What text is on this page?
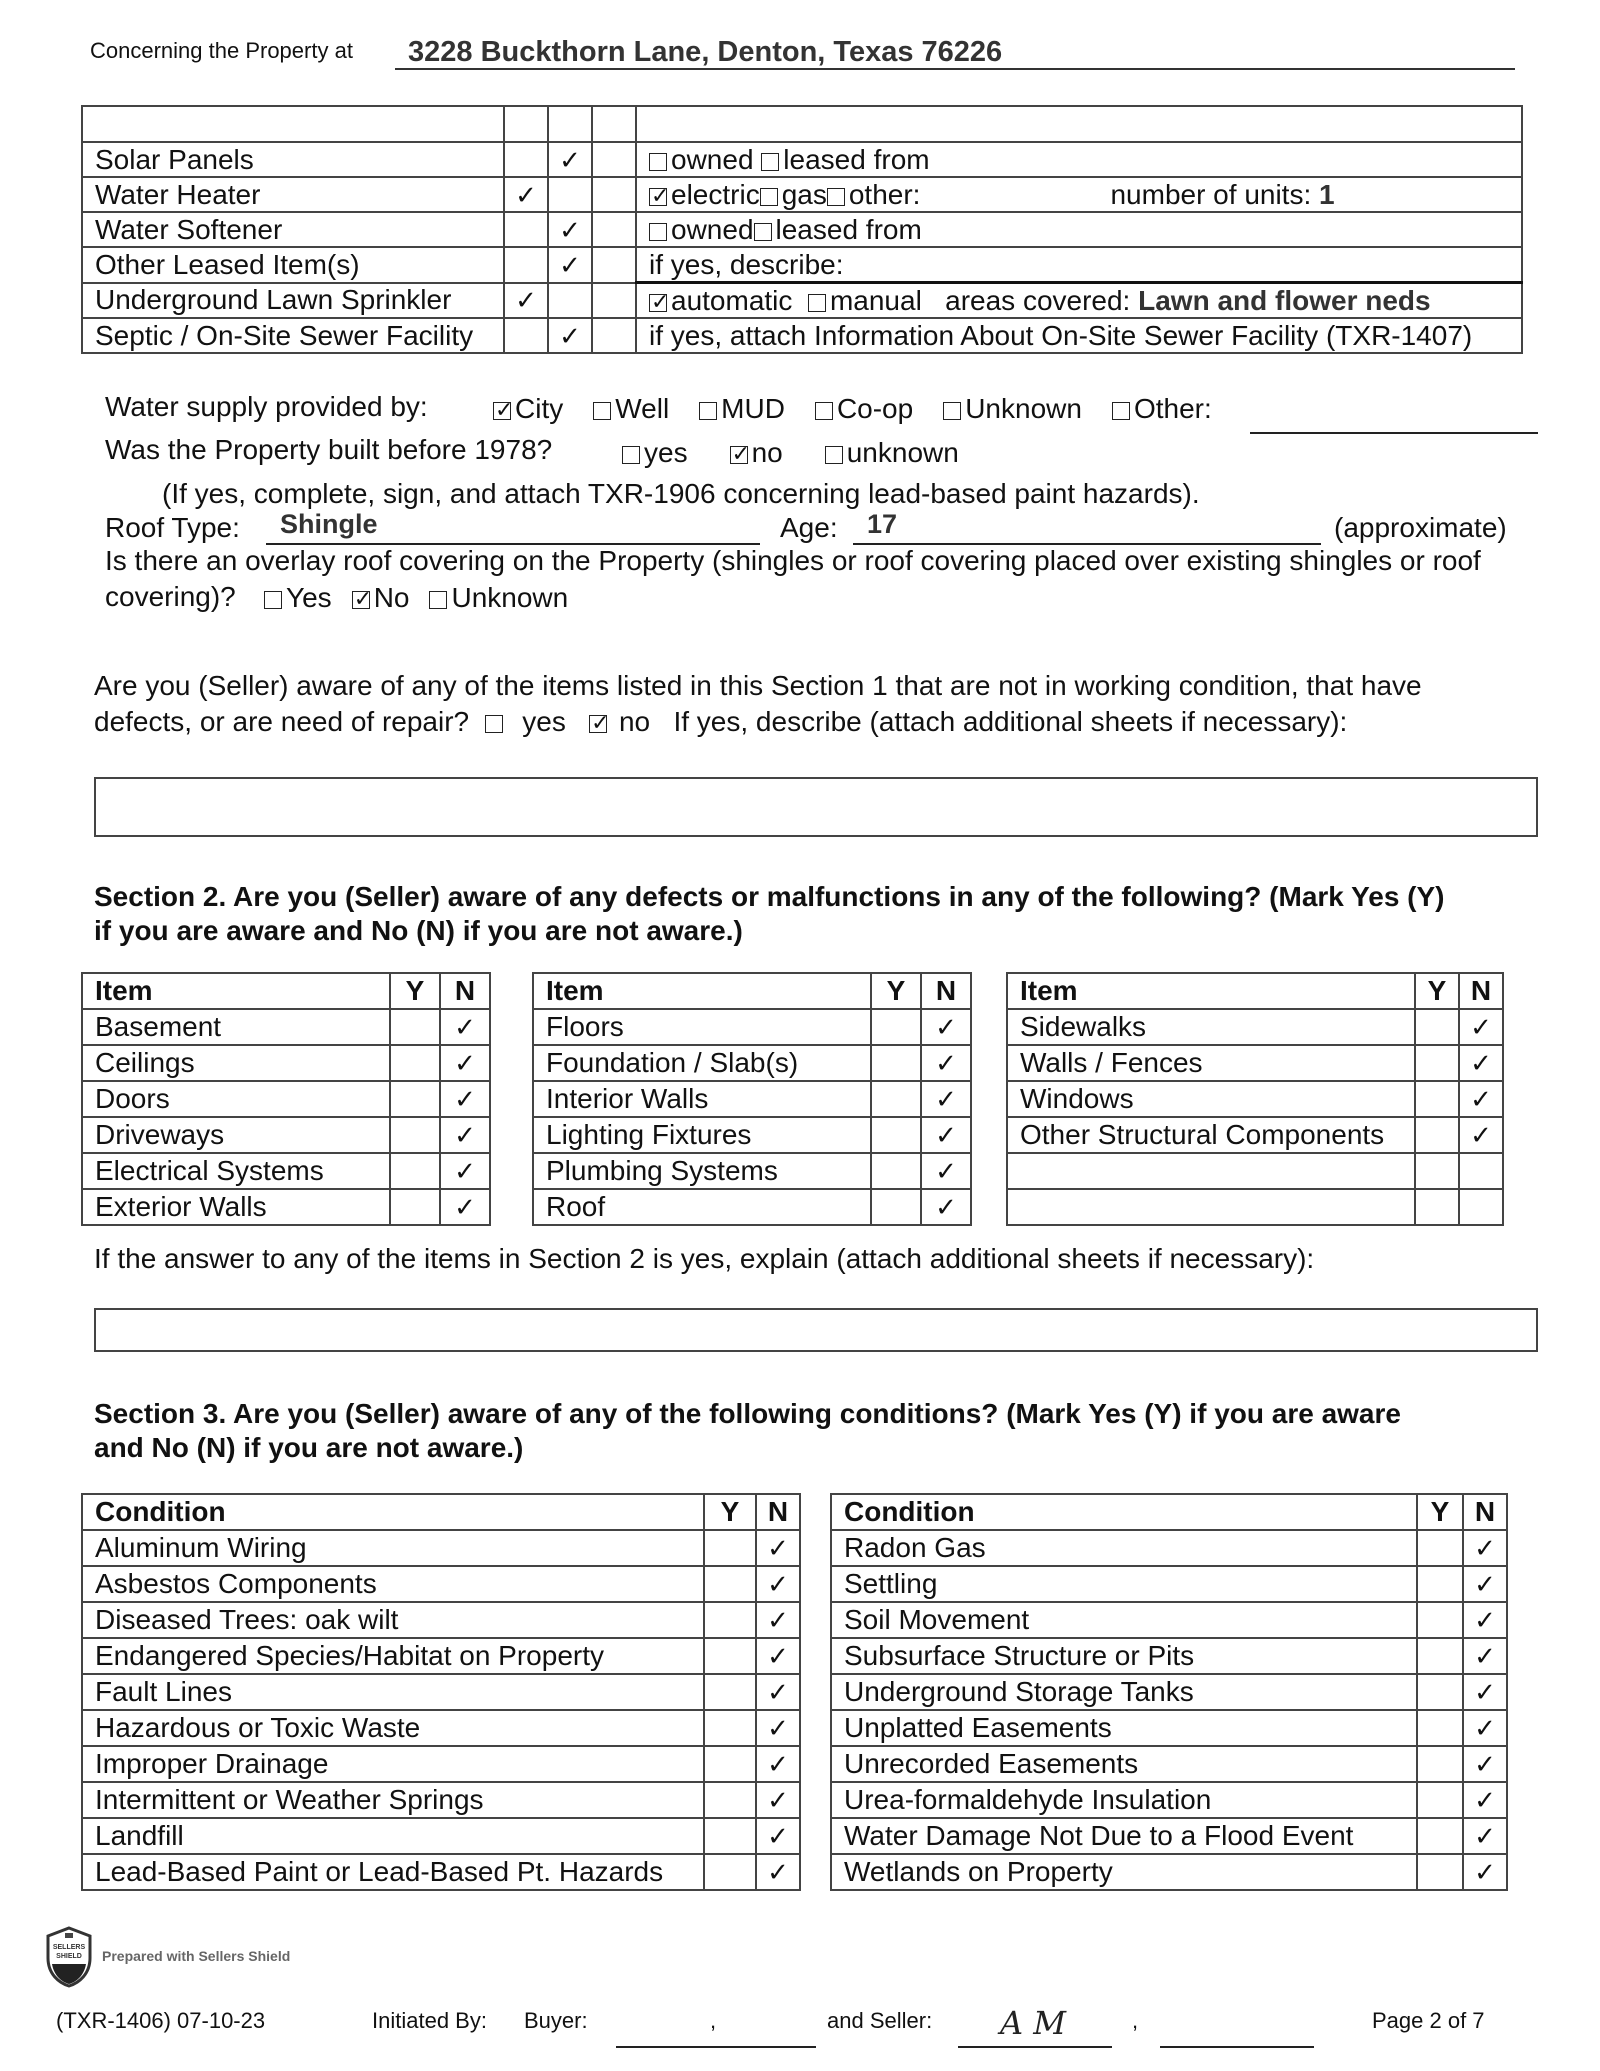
Concerning the Property at 3228 Buckthorn Lane, Denton, Texas 76226

Solar Panels		✓		owned leased from
Water Heater	✓			✓electric gas other: number of units: 1
Water Softener		✓		owned leased from
Other Leased Item(s)		✓		if yes, describe:
Underground Lawn Sprinkler	✓			✓automatic  manual   areas covered: Lawn and flower neds
Septic / On-Site Sewer Facility		✓		if yes, attach Information About On-Site Sewer Facility (TXR-1407)
Water supply provided by: ✓	City Well MUD Co-op Unknown Other:
Was the Property built before 1978?	yes ✓ no unknown
(If yes, complete, sign, and attach TXR-1906 concerning lead-based paint hazards).
Roof Type: Shingle	Age: 17	(approximate)
Is there an overlay roof covering on the Property (shingles or roof covering placed over existing shingles or roof
covering)?	Yes ✓ No Unknown
Are you (Seller) aware of any of the items listed in this Section 1 that are not in working condition, that have
defects, or are need of repair? yes ✓ no If yes, describe (attach additional sheets if necessary):
Section 2. Are you (Seller) aware of any defects or malfunctions in any of the following? (Mark Yes (Y)
if you are aware and No (N) if you are not aware.)
Item	Y	N
Basement		✓
Ceilings		✓
Doors		✓
Driveways		✓
Electrical Systems		✓
Exterior Walls		✓
Item	Y	N
Floors		✓
Foundation / Slab(s)		✓
Interior Walls		✓
Lighting Fixtures		✓
Plumbing Systems		✓
Roof		✓
Item	Y	N
Sidewalks		✓
Walls / Fences		✓
Windows		✓
Other Structural Components		✓

If the answer to any of the items in Section 2 is yes, explain (attach additional sheets if necessary):
Section 3. Are you (Seller) aware of any of the following conditions? (Mark Yes (Y) if you are aware
and No (N) if you are not aware.)
Condition	Y	N
Aluminum Wiring		✓
Asbestos Components		✓
Diseased Trees: oak wilt		✓
Endangered Species/Habitat on Property		✓
Fault Lines		✓
Hazardous or Toxic Waste		✓
Improper Drainage		✓
Intermittent or Weather Springs		✓
Landfill		✓
Lead-Based Paint or Lead-Based Pt. Hazards		✓
Condition	Y	N
Radon Gas		✓
Settling		✓
Soil Movement		✓
Subsurface Structure or Pits		✓
Underground Storage Tanks		✓
Unplatted Easements		✓
Unrecorded Easements		✓
Urea-formaldehyde Insulation		✓
Water Damage Not Due to a Flood Event		✓
Wetlands on Property		✓
SELLERS
SHIELD Prepared with Sellers Shield
(TXR-1406) 07-10-23	Initiated By: Buyer:	,	and Seller: A M	,	Page 2 of 7
